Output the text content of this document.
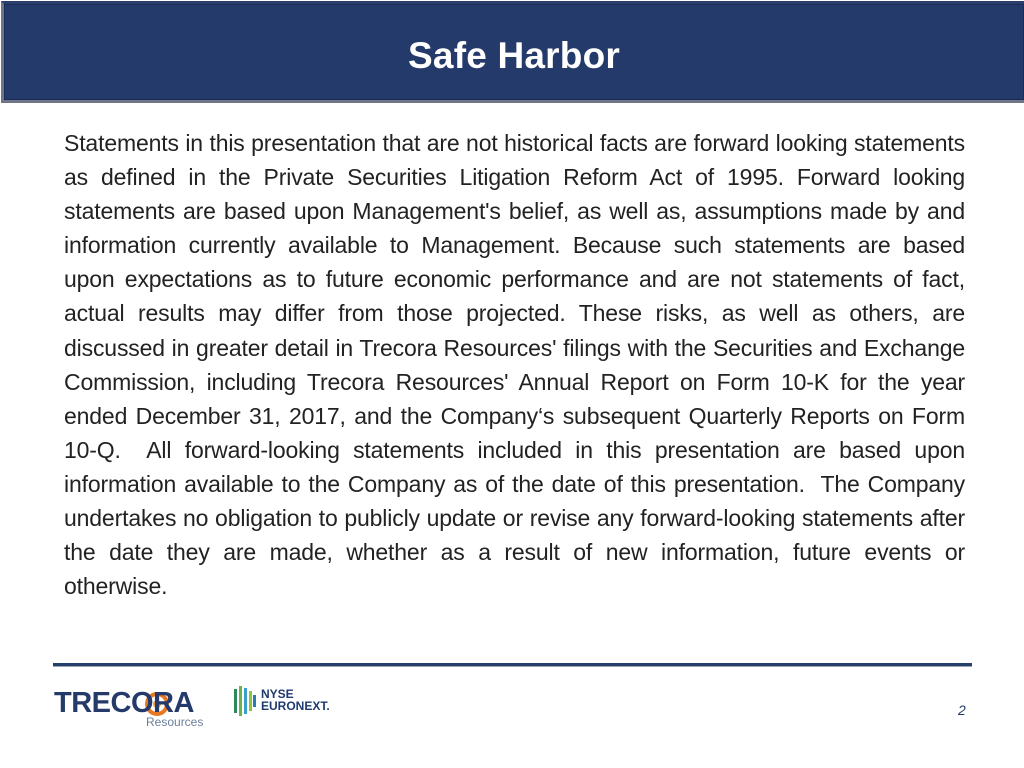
Safe Harbor
Statements in this presentation that are not historical facts are forward looking statements as defined in the Private Securities Litigation Reform Act of 1995. Forward looking statements are based upon Management's belief, as well as, assumptions made by and information currently available to Management. Because such statements are based upon expectations as to future economic performance and are not statements of fact, actual results may differ from those projected. These risks, as well as others, are discussed in greater detail in Trecora Resources' filings with the Securities and Exchange Commission, including Trecora Resources' Annual Report on Form 10-K for the year ended December 31, 2017, and the Company‘s subsequent Quarterly Reports on Form 10-Q.  All forward-looking statements included in this presentation are based upon information available to the Company as of the date of this presentation.  The Company undertakes no obligation to publicly update or revise any forward-looking statements after the date they are made, whether as a result of new information, future events or otherwise.
TRECORA
Resources
NYSE
EURONEXT.	2
